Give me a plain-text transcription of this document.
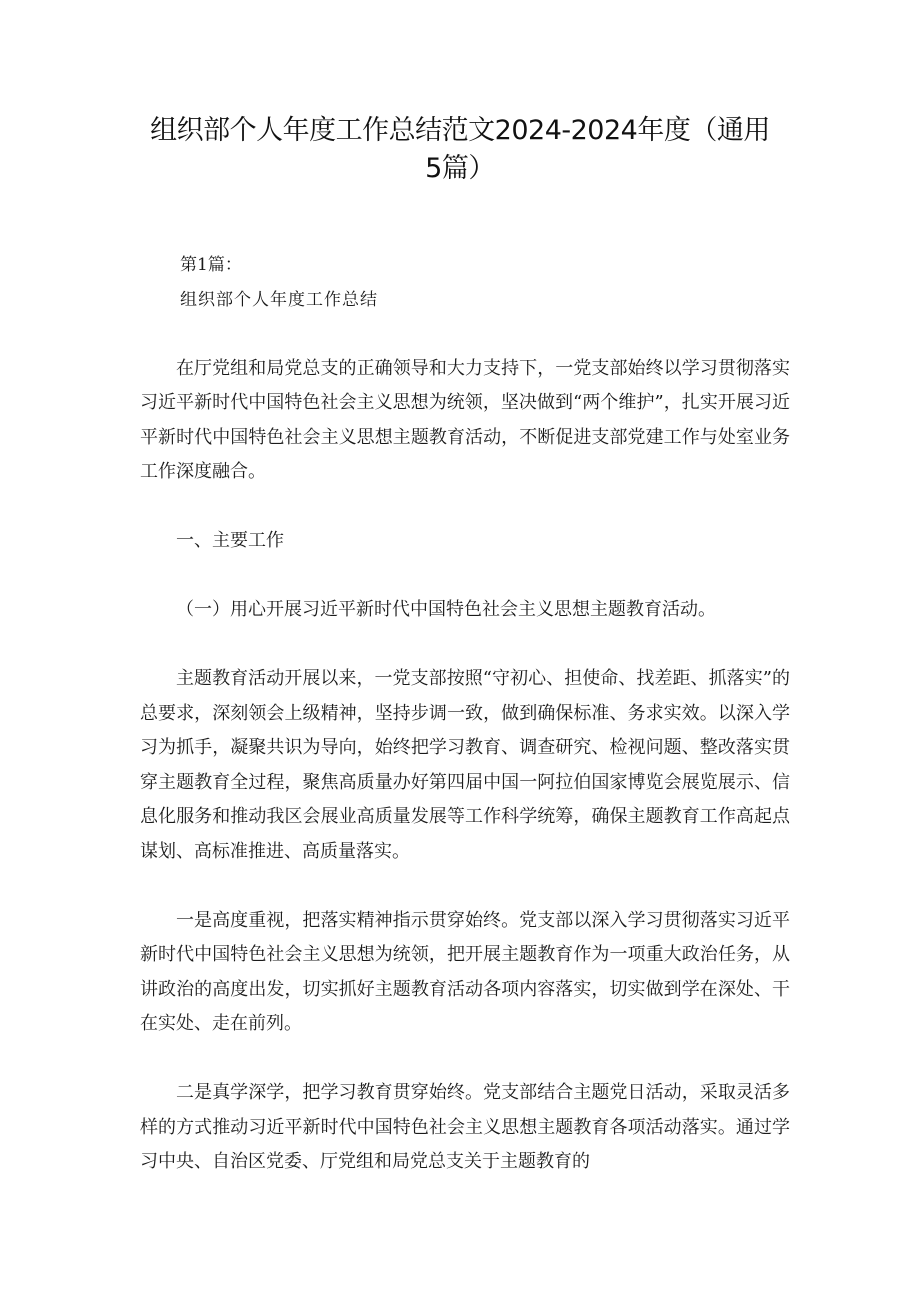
组织部个人年度工作总结范文2024-2024年度（通用5篇）

第1篇：

组织部个人年度工作总结

在厅党组和局党总支的正确领导和大力支持下，一党支部始终以学习贯彻落实习近平新时代中国特色社会主义思想为统领，坚决做到“两个维护”，扎实开展习近平新时代中国特色社会主义思想主题教育活动，不断促进支部党建工作与处室业务工作深度融合。

一、主要工作

（一）用心开展习近平新时代中国特色社会主义思想主题教育活动。

主题教育活动开展以来，一党支部按照“守初心、担使命、找差距、抓落实”的总要求，深刻领会上级精神，坚持步调一致，做到确保标准、务求实效。以深入学习为抓手，凝聚共识为导向，始终把学习教育、调查研究、检视问题、整改落实贯穿主题教育全过程，聚焦高质量办好第四届中国一阿拉伯国家博览会展览展示、信息化服务和推动我区会展业高质量发展等工作科学统筹，确保主题教育工作高起点谋划、高标准推进、高质量落实。

一是高度重视，把落实精神指示贯穿始终。党支部以深入学习贯彻落实习近平新时代中国特色社会主义思想为统领，把开展主题教育作为一项重大政治任务，从讲政治的高度出发，切实抓好主题教育活动各项内容落实，切实做到学在深处、干在实处、走在前列。

二是真学深学，把学习教育贯穿始终。党支部结合主题党日活动，采取灵活多样的方式推动习近平新时代中国特色社会主义思想主题教育各项活动落实。通过学习中央、自治区党委、厅党组和局党总支关于主题教育的
